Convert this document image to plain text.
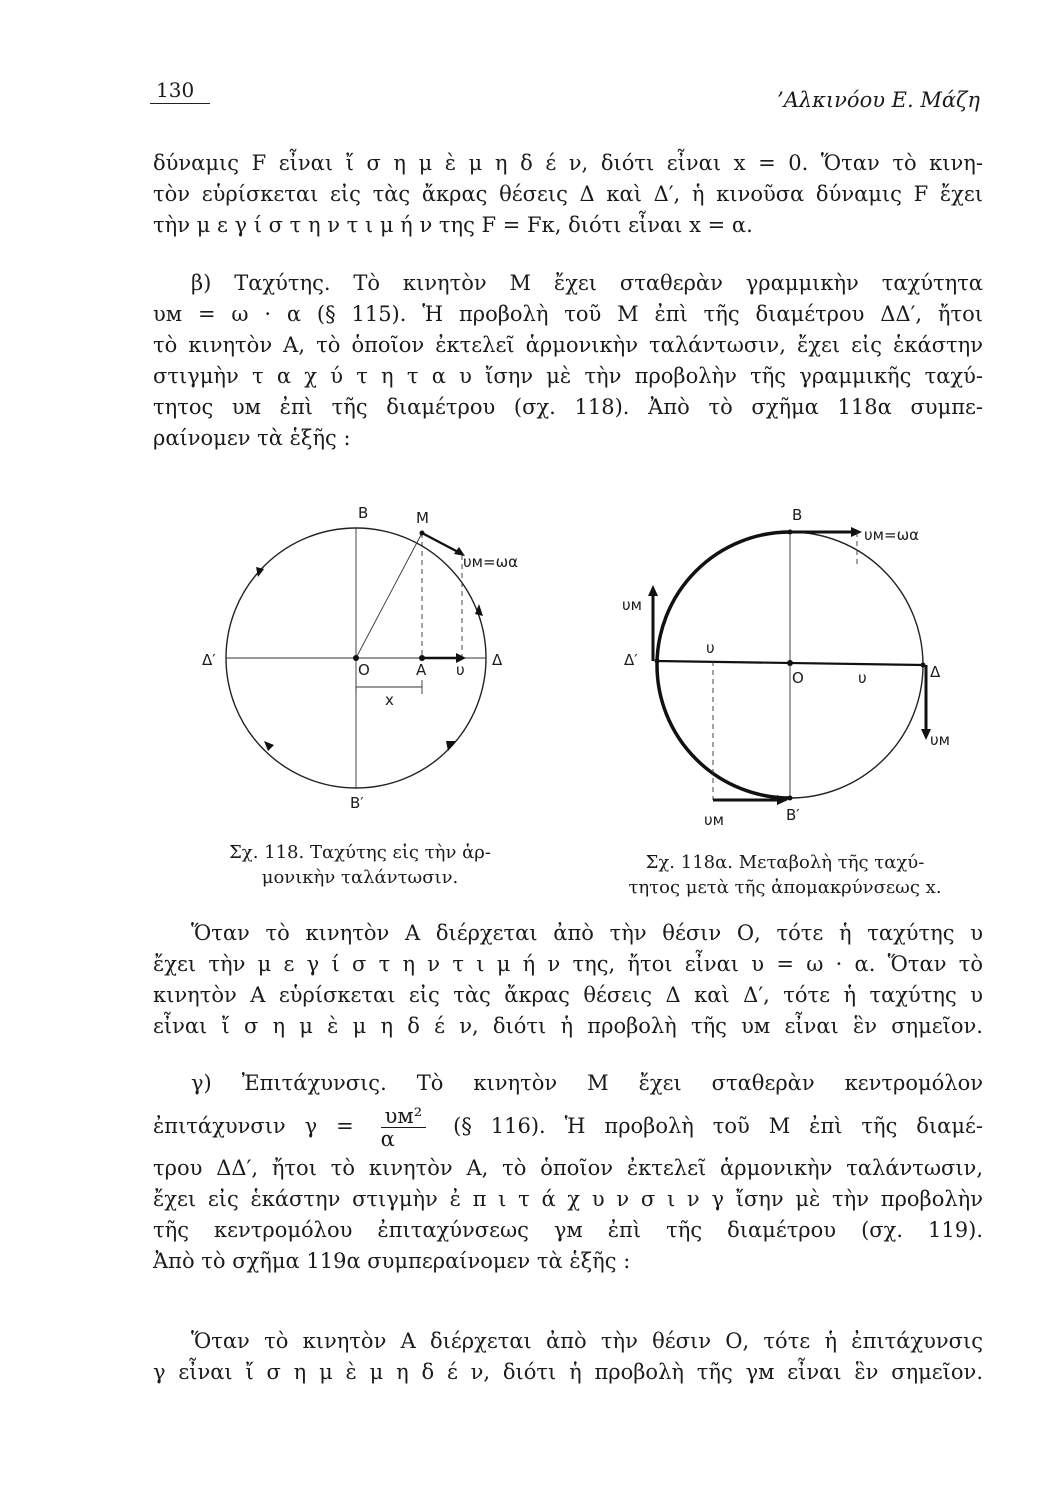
130	’Αλκινόου Ε. Μάζη
δύναμις F εἶναι ἴ σ η μ ὲ μ η δ έ ν, διότι εἶναι x = 0. Ὅταν τὸ κινη-
τὸν εὑρίσκεται εἰς τὰς ἄκρας θέσεις Δ καὶ Δ′, ἡ κινοῦσα δύναμις F ἔχει
τὴν μ ε γ ί σ τ η ν τ ι μ ή ν της F = Fκ, διότι εἶναι x = α.
β) Ταχύτης. Τὸ κινητὸν Μ ἔχει σταθερὰν γραμμικὴν ταχύτητα
υм = ω · α (§ 115). Ἡ προβολὴ τοῦ Μ ἐπὶ τῆς διαμέτρου ΔΔ′, ἤτοι
τὸ κινητὸν Α, τὸ ὁποῖον ἐκτελεῖ ἁρμονικὴν ταλάντωσιν, ἔχει εἰς ἑκάστην
στιγμὴν τ α χ ύ τ η τ α υ ἴσην μὲ τὴν προβολὴν τῆς γραμμικῆς ταχύ-
τητος υм ἐπὶ τῆς διαμέτρου (σχ. 118). Ἀπὸ τὸ σχῆμα 118α συμπε-
ραίνομεν τὰ ἑξῆς :
B
B′
Δ′	Δ
M
υм=ωα
O	A υ
x
Σχ. 118. Ταχύτης εἰς τὴν ἁρ-
μονικὴν ταλάντωσιν.
B
B′
Δ′
Δ
υм=ωα
υм
υм
υм
υ
O	υ
Σχ. 118α. Μεταβολὴ τῆς ταχύ-
τητος μετὰ τῆς ἀπομακρύνσεως x.
Ὅταν τὸ κινητὸν Α διέρχεται ἀπὸ τὴν θέσιν Ο, τότε ἡ ταχύτης υ
ἔχει τὴν μ ε γ ί σ τ η ν τ ι μ ή ν της, ἤτοι εἶναι υ = ω · α. Ὅταν τὸ
κινητὸν Α εὑρίσκεται εἰς τὰς ἄκρας θέσεις Δ καὶ Δ′, τότε ἡ ταχύτης υ
εἶναι ἴ σ η μ ὲ μ η δ έ ν, διότι ἡ προβολὴ τῆς υм εἶναι ἓν σημεῖον.
γ) Ἐπιτάχυνσις. Τὸ κινητὸν Μ ἔχει σταθερὰν κεντρομόλον
ἐπιτάχυνσιν γ = υм²
α
(§ 116). Ἡ προβολὴ τοῦ Μ ἐπὶ τῆς διαμέ-
τρου ΔΔ′, ἤτοι τὸ κινητὸν Α, τὸ ὁποῖον ἐκτελεῖ ἁρμονικὴν ταλάντωσιν,
ἔχει εἰς ἑκάστην στιγμὴν ἐ π ι τ ά χ υ ν σ ι ν γ ἴσην μὲ τὴν προβολὴν
τῆς κεντρομόλου ἐπιταχύνσεως γм ἐπὶ τῆς διαμέτρου (σχ. 119).
Ἀπὸ τὸ σχῆμα 119α συμπεραίνομεν τὰ ἑξῆς :
Ὅταν τὸ κινητὸν Α διέρχεται ἀπὸ τὴν θέσιν Ο, τότε ἡ ἐπιτάχυνσις
γ εἶναι ἴ σ η μ ὲ μ η δ έ ν, διότι ἡ προβολὴ τῆς γм εἶναι ἓν σημεῖον.
